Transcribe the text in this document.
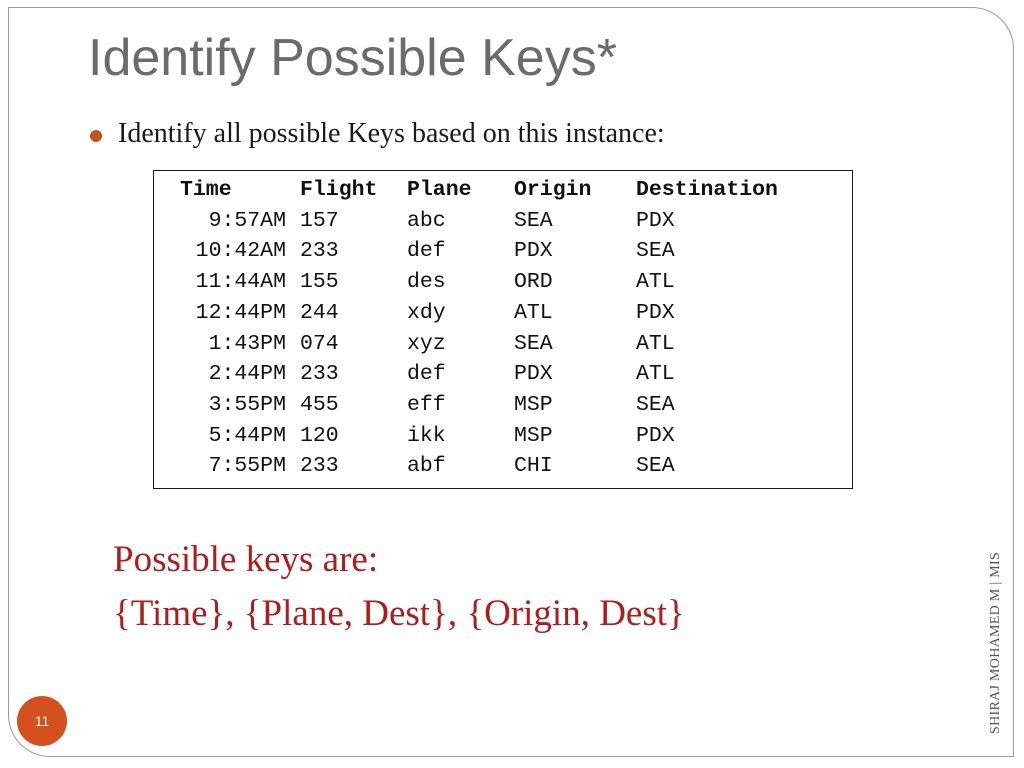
Identify Possible Keys*
Identify all possible Keys based on this instance:
Time	Flight	Plane	Origin	Destination
9:57AM	157	abc	SEA	PDX
10:42AM	233	def	PDX	SEA
11:44AM	155	des	ORD	ATL
12:44PM	244	xdy	ATL	PDX
1:43PM	074	xyz	SEA	ATL
2:44PM	233	def	PDX	ATL
3:55PM	455	eff	MSP	SEA
5:44PM	120	ikk	MSP	PDX
7:55PM	233	abf	CHI	SEA
Possible keys are:
{Time}, {Plane, Dest}, {Origin, Dest}	SHIRAJ MOHAMED M | MIS
11
